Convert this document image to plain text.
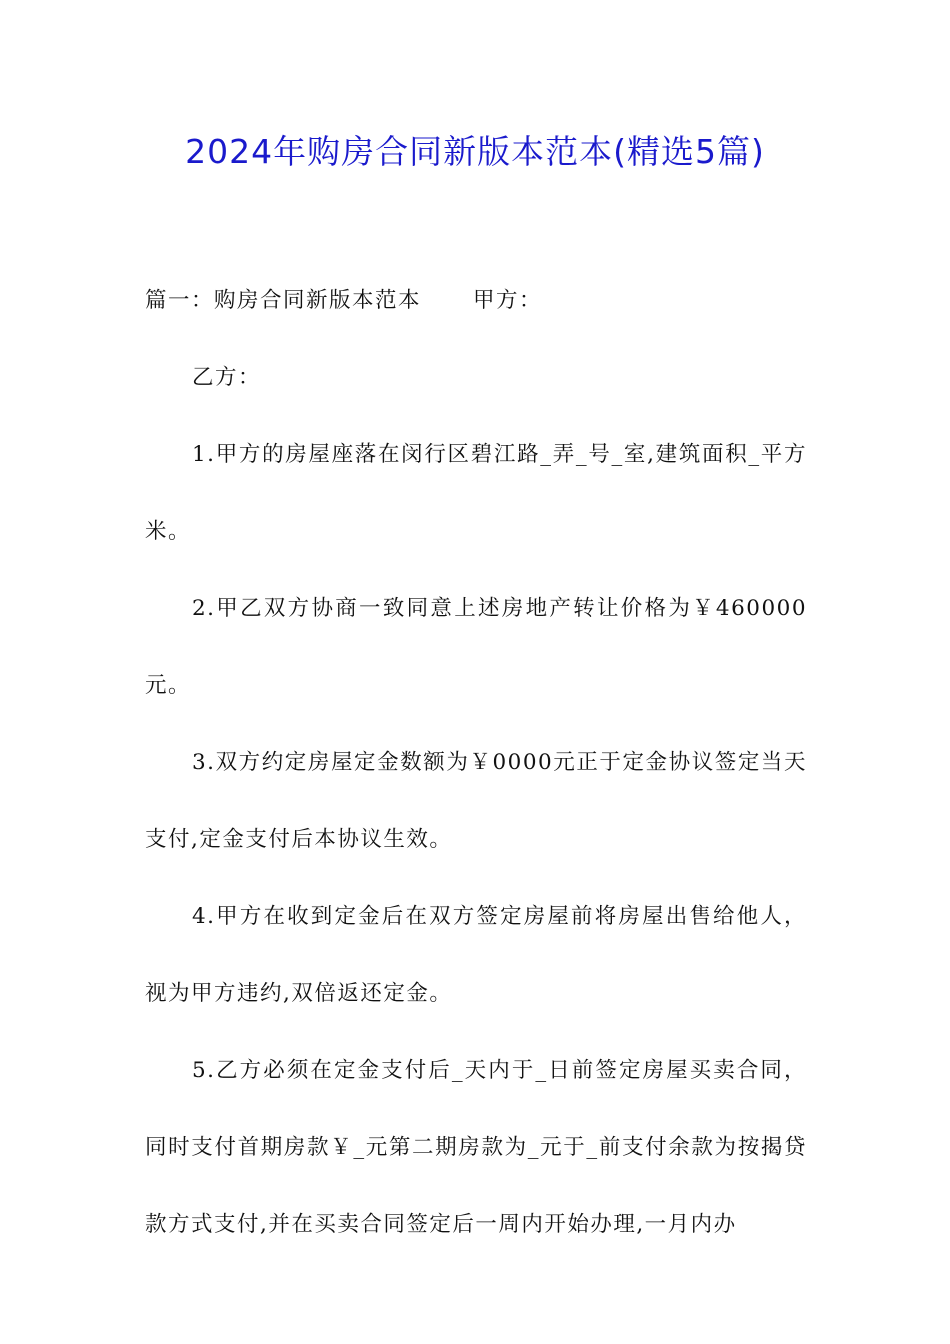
2024年购房合同新版本范本(精选5篇)

篇一：购房合同新版本范本 甲方：

乙方：

1.甲方的房屋座落在闵行区碧江路_弄_号_室,建筑面积_平方米。

2.甲乙双方协商一致同意上述房地产转让价格为￥460000元。

3.双方约定房屋定金数额为￥0000元正于定金协议签定当天支付,定金支付后本协议生效。

4.甲方在收到定金后在双方签定房屋前将房屋出售给他人，视为甲方违约,双倍返还定金。

5.乙方必须在定金支付后_天内于_日前签定房屋买卖合同，同时支付首期房款￥_元第二期房款为_元于_前支付余款为按揭贷款方式支付,并在买卖合同签定后一周内开始办理,一月内办
